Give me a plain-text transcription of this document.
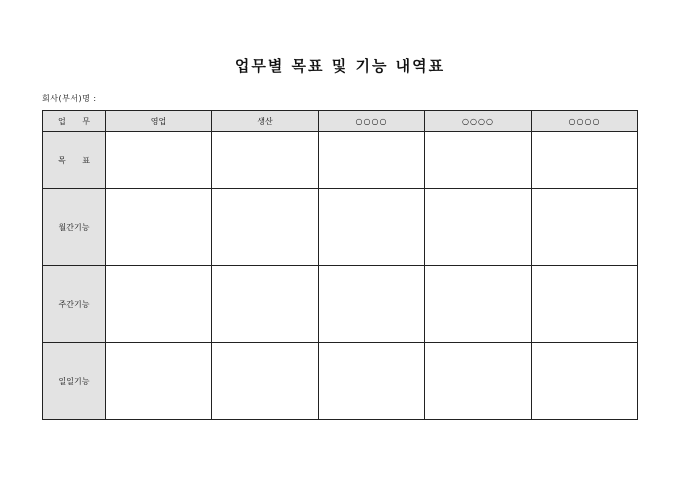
업무별 목표 및 기능 내역표
회사(부서)명 :
업 무	영업	생산	○○○○	○○○○	○○○○
목 표					
월간기능					
주간기능					
일일기능					
